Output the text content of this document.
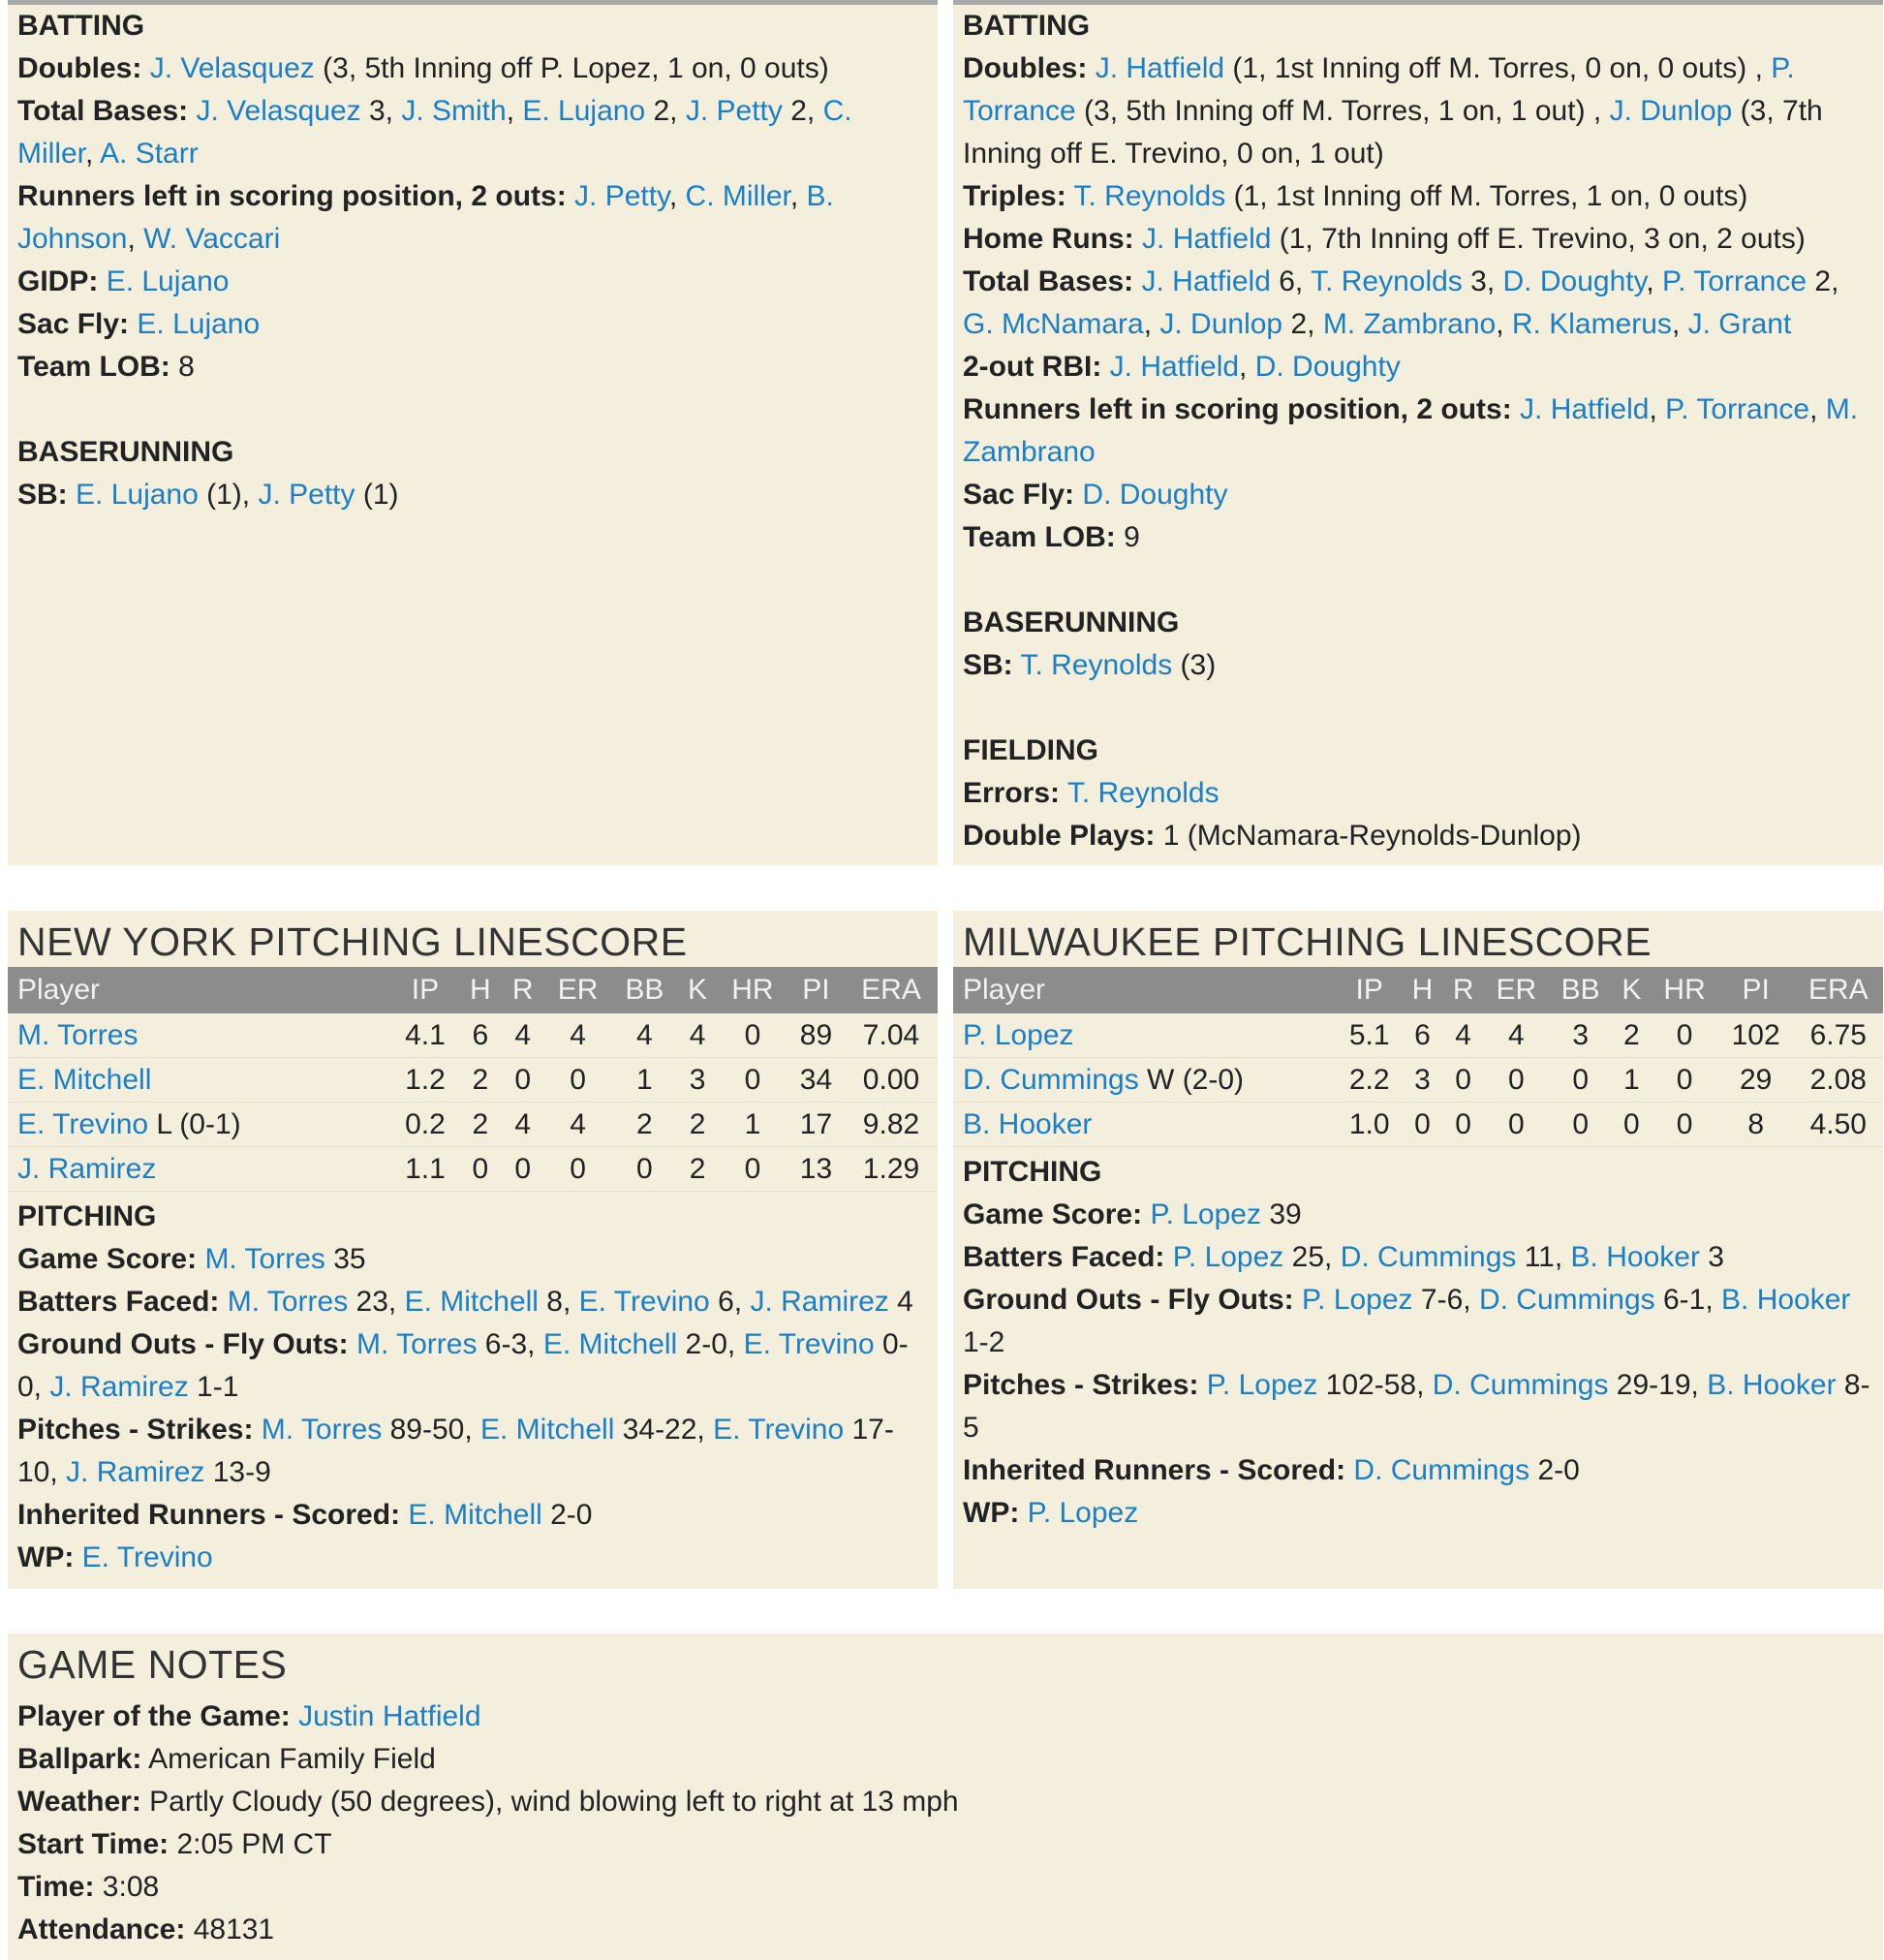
BATTING
Doubles: J. Velasquez (3, 5th Inning off P. Lopez, 1 on, 0 outs)
Total Bases: J. Velasquez 3, J. Smith, E. Lujano 2, J. Petty 2, C. Miller, A. Starr
Runners left in scoring position, 2 outs: J. Petty, C. Miller, B. Johnson, W. Vaccari
GIDP: E. Lujano
Sac Fly: E. Lujano
Team LOB: 8
BASERUNNING
SB: E. Lujano (1), J. Petty (1)
BATTING
Doubles: J. Hatfield (1, 1st Inning off M. Torres, 0 on, 0 outs) , P. Torrance (3, 5th Inning off M. Torres, 1 on, 1 out) , J. Dunlop (3, 7th Inning off E. Trevino, 0 on, 1 out)
Triples: T. Reynolds (1, 1st Inning off M. Torres, 1 on, 0 outs)
Home Runs: J. Hatfield (1, 7th Inning off E. Trevino, 3 on, 2 outs)
Total Bases: J. Hatfield 6, T. Reynolds 3, D. Doughty, P. Torrance 2, G. McNamara, J. Dunlop 2, M. Zambrano, R. Klamerus, J. Grant
2-out RBI: J. Hatfield, D. Doughty
Runners left in scoring position, 2 outs: J. Hatfield, P. Torrance, M. Zambrano
Sac Fly: D. Doughty
Team LOB: 9
BASERUNNING
SB: T. Reynolds (3)
FIELDING
Errors: T. Reynolds
Double Plays: 1 (McNamara-Reynolds-Dunlop)
NEW YORK PITCHING LINESCORE
Player	IP	H	R	ER	BB	K	HR	PI	ERA
M. Torres	4.1	6	4	4	4	4	0	89	7.04
E. Mitchell	1.2	2	0	0	1	3	0	34	0.00
E. Trevino L (0-1)	0.2	2	4	4	2	2	1	17	9.82
J. Ramirez	1.1	0	0	0	0	2	0	13	1.29
PITCHING
Game Score: M. Torres 35
Batters Faced: M. Torres 23, E. Mitchell 8, E. Trevino 6, J. Ramirez 4
Ground Outs - Fly Outs: M. Torres 6-3, E. Mitchell 2-0, E. Trevino 0-0, J. Ramirez 1-1
Pitches - Strikes: M. Torres 89-50, E. Mitchell 34-22, E. Trevino 17-10, J. Ramirez 13-9
Inherited Runners - Scored: E. Mitchell 2-0
WP: E. Trevino
MILWAUKEE PITCHING LINESCORE
Player	IP	H	R	ER	BB	K	HR	PI	ERA
P. Lopez	5.1	6	4	4	3	2	0	102	6.75
D. Cummings W (2-0)	2.2	3	0	0	0	1	0	29	2.08
B. Hooker	1.0	0	0	0	0	0	0	8	4.50
PITCHING
Game Score: P. Lopez 39
Batters Faced: P. Lopez 25, D. Cummings 11, B. Hooker 3
Ground Outs - Fly Outs: P. Lopez 7-6, D. Cummings 6-1, B. Hooker 1-2
Pitches - Strikes: P. Lopez 102-58, D. Cummings 29-19, B. Hooker 8-5
Inherited Runners - Scored: D. Cummings 2-0
WP: P. Lopez
GAME NOTES
Player of the Game: Justin Hatfield
Ballpark: American Family Field
Weather: Partly Cloudy (50 degrees), wind blowing left to right at 13 mph
Start Time: 2:05 PM CT
Time: 3:08
Attendance: 48131
